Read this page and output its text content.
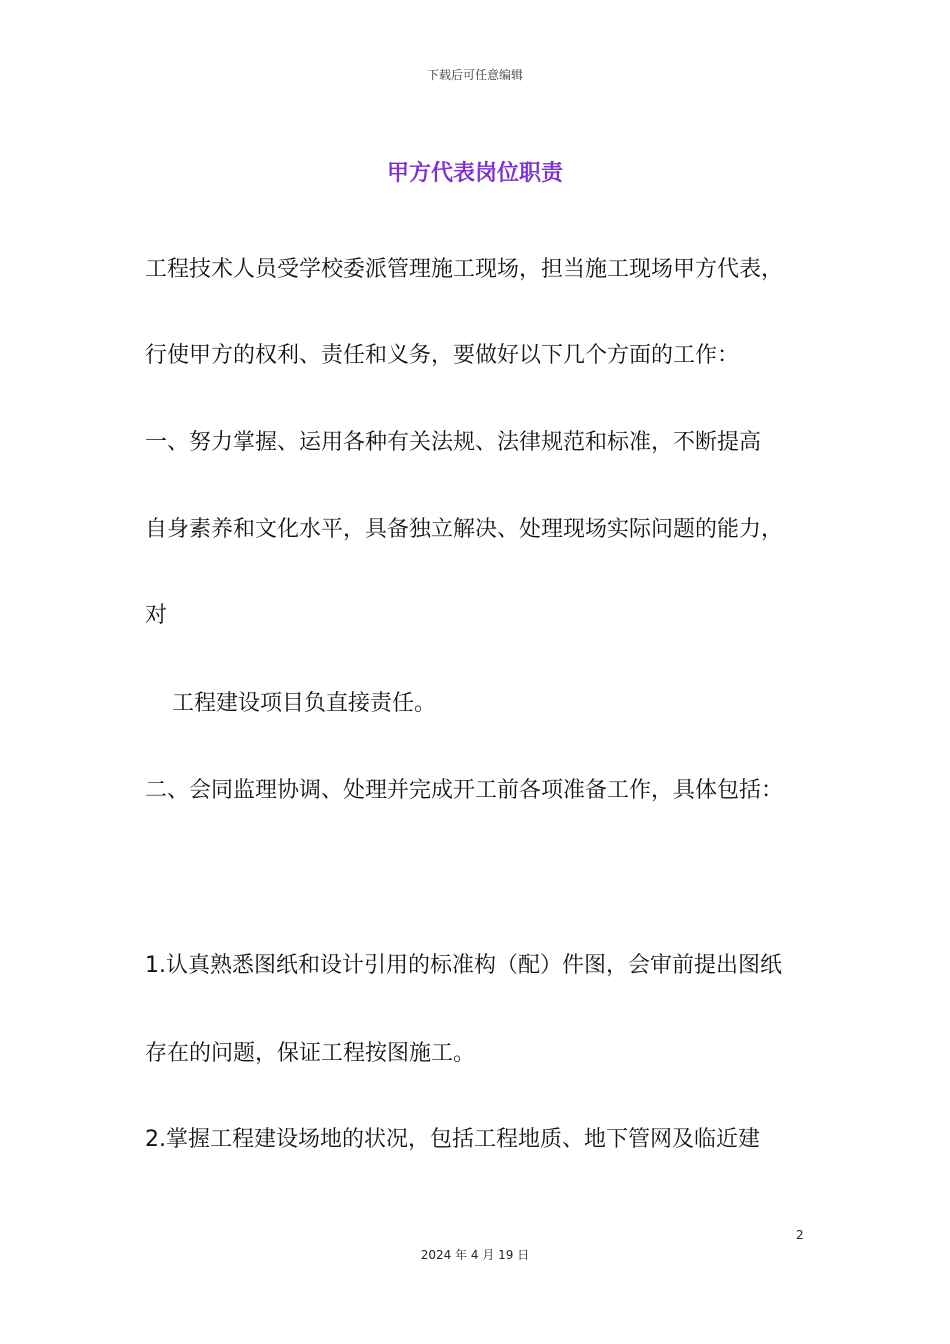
下载后可任意编辑
甲方代表岗位职责

工程技术人员受学校委派管理施工现场，担当施工现场甲方代表，

行使甲方的权利、责任和义务，要做好以下几个方面的工作：

一、努力掌握、运用各种有关法规、法律规范和标准，不断提高

自身素养和文化水平，具备独立解决、处理现场实际问题的能力，

对

工程建设项目负直接责任。

二、会同监理协调、处理并完成开工前各项准备工作，具体包括：

1.认真熟悉图纸和设计引用的标准构（配）件图，会审前提出图纸

存在的问题，保证工程按图施工。

2.掌握工程建设场地的状况，包括工程地质、地下管网及临近建

2
2024 年 4 月 19 日
